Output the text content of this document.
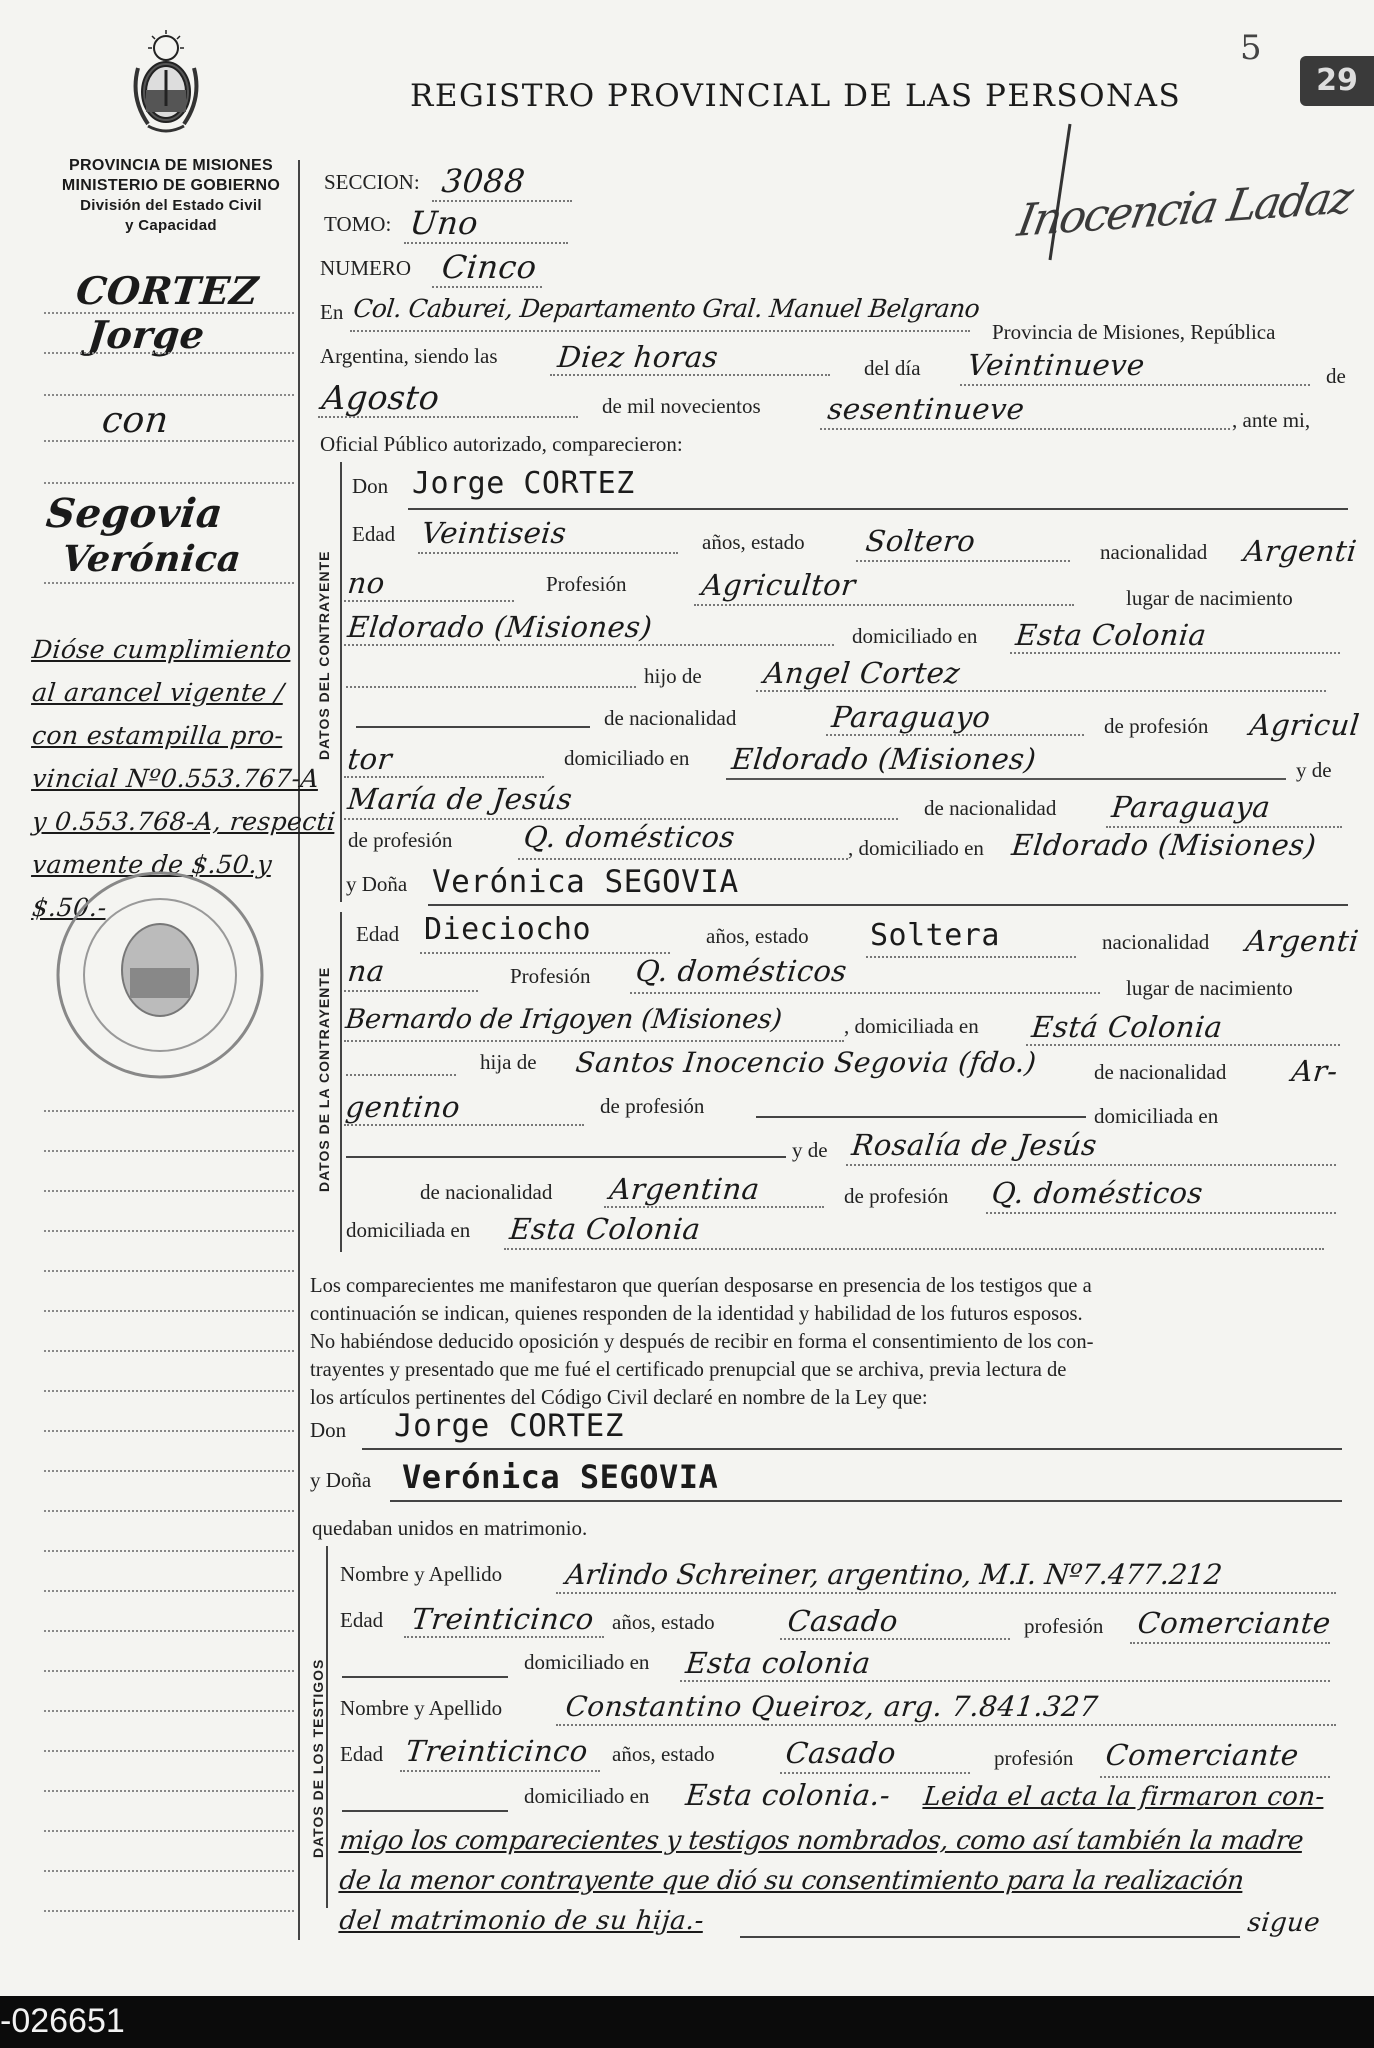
REGISTRO PROVINCIAL DE LAS PERSONAS
5
29
Inocencia Ladaz
PROVINCIA DE MISIONES
MINISTERIO DE GOBIERNO
División del Estado Civil
y Capacidad
CORTEZ
Jorge
con
Segovia
Verónica
Dióse cumplimiento
al arancel vigente /
con estampilla pro-
vincial Nº0.553.767-A
y 0.553.768-A, respecti
vamente de $.50.y
$.50.-
SECCION: 3088
TOMO: Uno
NUMERO Cinco
En Col. Caburei, Departamento Gral. Manuel Belgrano
Provincia de Misiones, República
Argentina, siendo las Diez horas	del día Veintinueve	de
Agosto	de mil novecientos sesentinueve	, ante mi,
Oficial Público autorizado, comparecieron:
DATOS DEL CONTRAYENTE
Don Jorge CORTEZ
Edad Veintiseis	años, estado Soltero	nacionalidad Argenti
no	Profesión	Agricultor	lugar de nacimiento
Eldorado (Misiones)	domiciliado en Esta Colonia
hijo de Angel Cortez
de nacionalidad	Paraguayo	de profesión Agricul
tor	domiciliado en Eldorado (Misiones)	y de
María de Jesús	de nacionalidad Paraguaya
de profesión Q. domésticos	, domiciliado en Eldorado (Misiones)
y Doña Verónica SEGOVIA
DATOS DE LA CONTRAYENTE
Edad Dieciocho	años, estado Soltera	nacionalidad Argenti
na	Profesión Q. domésticos	lugar de nacimiento
Bernardo de Irigoyen (Misiones)	, domiciliada en Está Colonia
hija de Santos Inocencio Segovia (fdo.)	de nacionalidad Ar-
gentino	de profesión	domiciliada en
y de Rosalía de Jesús
de nacionalidad Argentina	de profesión Q. domésticos
domiciliada en Esta Colonia
Los comparecientes me manifestaron que querían desposarse en presencia de los testigos que a
continuación se indican, quienes responden de la identidad y habilidad de los futuros esposos.
No habiéndose deducido oposición y después de recibir en forma el consentimiento de los con-
trayentes y presentado que me fué el certificado prenupcial que se archiva, previa lectura de
los artículos pertinentes del Código Civil declaré en nombre de la Ley que:
Don Jorge CORTEZ
y Doña Verónica SEGOVIA
quedaban unidos en matrimonio.
DATOS DE LOS TESTIGOS
Nombre y Apellido Arlindo Schreiner, argentino, M.I. Nº7.477.212
Edad Treinticinco años, estado Casado	profesión Comerciante
domiciliado en Esta colonia
Nombre y Apellido Constantino Queiroz, arg. 7.841.327
Edad Treinticinco años, estado Casado	profesión Comerciante
domiciliado en Esta colonia.- Leida el acta la firmaron con-
migo los comparecientes y testigos nombrados, como así también la madre
de la menor contrayente que dió su consentimiento para la realización
del matrimonio de su hija.-	sigue
-026651
